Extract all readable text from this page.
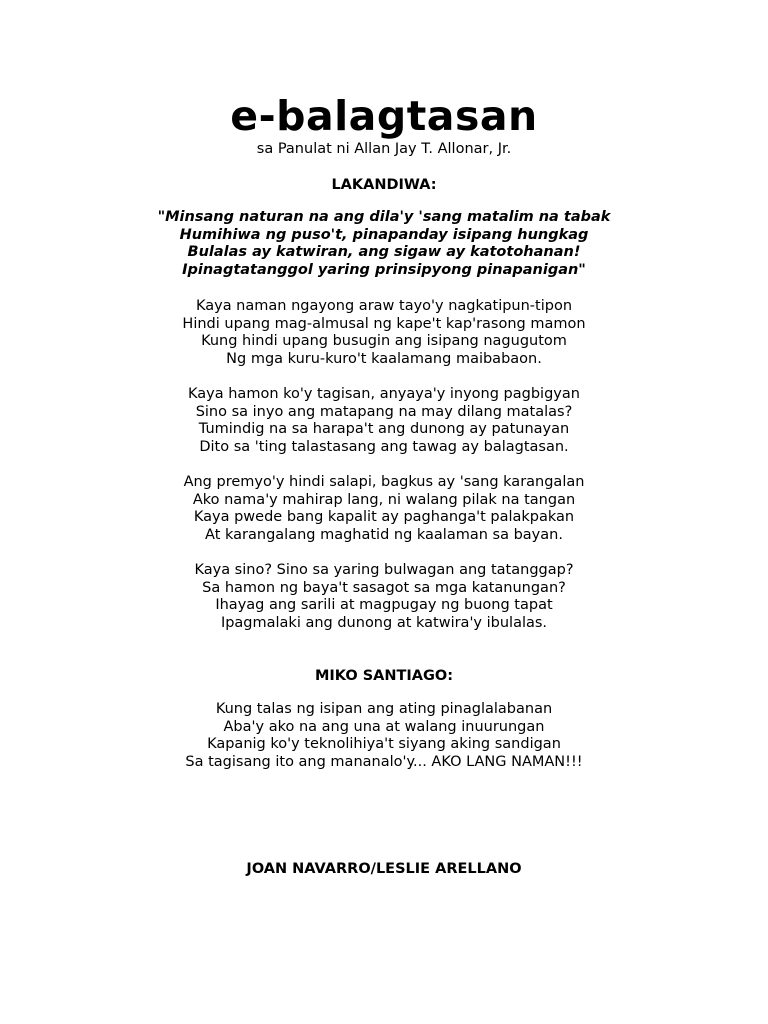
e-balagtasan
sa Panulat ni Allan Jay T. Allonar, Jr.
LAKANDIWA:
"Minsang naturan na ang dila'y 'sang matalim na tabak
Humihiwa ng puso't, pinapanday isipang hungkag
Bulalas ay katwiran, ang sigaw ay katotohanan!
Ipinagtatanggol yaring prinsipyong pinapanigan"
Kaya naman ngayong araw tayo'y nagkatipun-tipon
Hindi upang mag-almusal ng kape't kap'rasong mamon
Kung hindi upang busugin ang isipang nagugutom
Ng mga kuru-kuro't kaalamang maibabaon.
Kaya hamon ko'y tagisan, anyaya'y inyong pagbigyan
Sino sa inyo ang matapang na may dilang matalas?
Tumindig na sa harapa't ang dunong ay patunayan
Dito sa 'ting talastasang ang tawag ay balagtasan.
Ang premyo'y hindi salapi, bagkus ay 'sang karangalan
Ako nama'y mahirap lang, ni walang pilak na tangan
Kaya pwede bang kapalit ay paghanga't palakpakan
At karangalang maghatid ng kaalaman sa bayan.
Kaya sino? Sino sa yaring bulwagan ang tatanggap?
Sa hamon ng baya't sasagot sa mga katanungan?
Ihayag ang sarili at magpugay ng buong tapat
Ipagmalaki ang dunong at katwira'y ibulalas.
MIKO SANTIAGO:
Kung talas ng isipan ang ating pinaglalabanan
Aba'y ako na ang una at walang inuurungan
Kapanig ko'y teknolihiya't siyang aking sandigan
Sa tagisang ito ang mananalo'y... AKO LANG NAMAN!!!
JOAN NAVARRO/LESLIE ARELLANO
